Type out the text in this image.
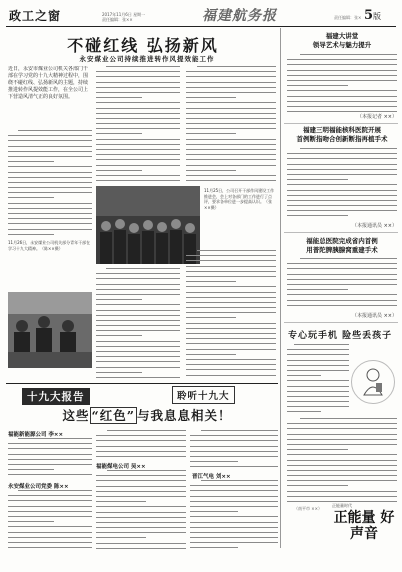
政工之窗	2017年11月6日 星期一
责任编辑：张××	福建航务报	责任编辑：张× 5版
不碰红线 弘扬新风
永安煤业公司持续推进转作风提效能工作
近日，永安市煤业公司机关各部门干部在学习党的十九大精神过程中，围绕不碰红线、弘扬新风的主题，持续推进转作风提效能工作，在全公司上下营造风清气正的良好氛围。
11月25日，公司召开干部作风建设工作推进会，会上对各部门的工作进行了点评，要求各单位进一步提高认识。（张××摄）
11月26日，永安煤业公司机关部分青年干部在学习十九大精神。（陈××摄）
十九大报告	聆听十九大
这些 “红色” 与我息息相关！
福能新能源公司 李××
永安煤业公司党委 陈××
福能煤电公司 吴××
晋江气电 刘××
福建大讲堂
领导艺术与魅力提升
（本报记者 ××）
福建三明福能核科医院开展
首例断指吻合创新断指再植手术
（本报通讯员 ××）
福能总医院完成省内首例
用普陀脾胰腺窝重建手术
（本报通讯员 ××）
专心玩手机 险些丢孩子
（南平市 ××）
正能量时代
正能量 好声音
